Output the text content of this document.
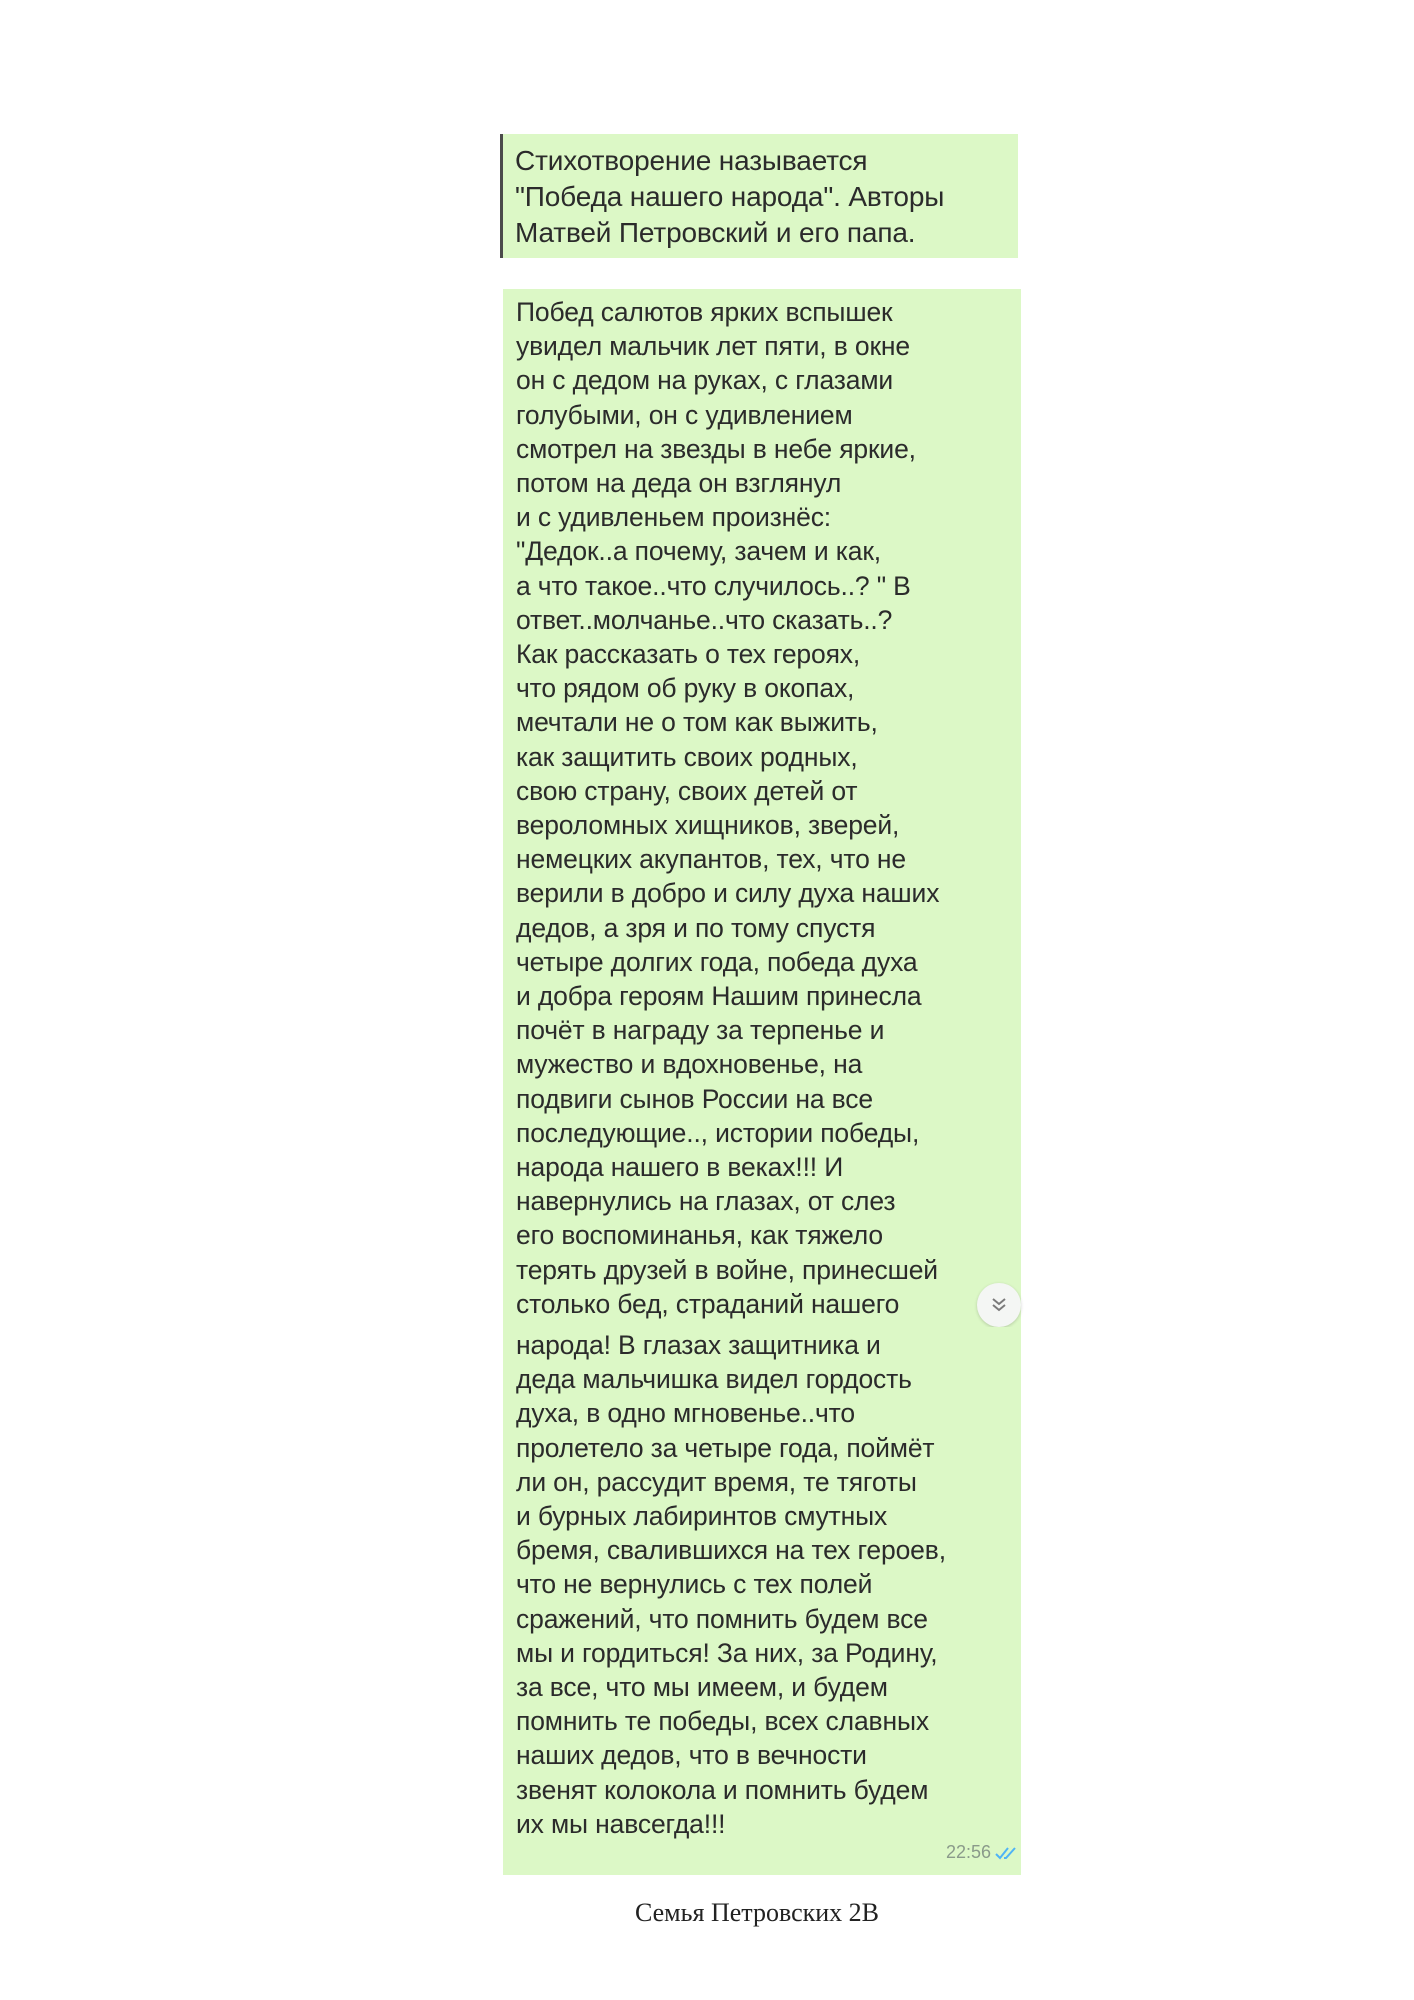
Стихотворение называется
"Победа нашего народа". Авторы
Матвей Петровский и его папа.
Побед салютов ярких вспышек
увидел мальчик лет пяти, в окне
он с дедом на руках, с глазами
голубыми, он с удивлением
смотрел на звезды в небе яркие,
потом на деда он взглянул
и с удивленьем произнёс:
"Дедок..а почему, зачем и как,
а что такое..что случилось..? " В
ответ..молчанье..что сказать..?
Как рассказать о тех героях,
что рядом об руку в окопах,
мечтали не о том как выжить,
как защитить своих родных,
свою страну, своих детей от
вероломных хищников, зверей,
немецких акупантов, тех, что не
верили в добро и силу духа наших
дедов, а зря и по тому спустя
четыре долгих года, победа духа
и добра героям Нашим принесла
почёт в награду за терпенье и
мужество и вдохновенье, на
подвиги сынов России на все
последующие.., истории победы,
народа нашего в веках!!! И
навернулись на глазах, от слез
его воспоминанья, как тяжело
терять друзей в войне, принесшей
столько бед, страданий нашего
народа! В глазах защитника и
деда мальчишка видел гордость
духа, в одно мгновенье..что
пролетело за четыре года, поймёт
ли он, рассудит время, те тяготы
и бурных лабиринтов смутных
бремя, свалившихся на тех героев,
что не вернулись с тех полей
сражений, что помнить будем все
мы и гордиться! За них, за Родину,
за все, что мы имеем, и будем
помнить те победы, всех славных
наших дедов, что в вечности
звенят колокола и помнить будем
их мы навсегда!!!
22:56
Семья Петровских 2В
